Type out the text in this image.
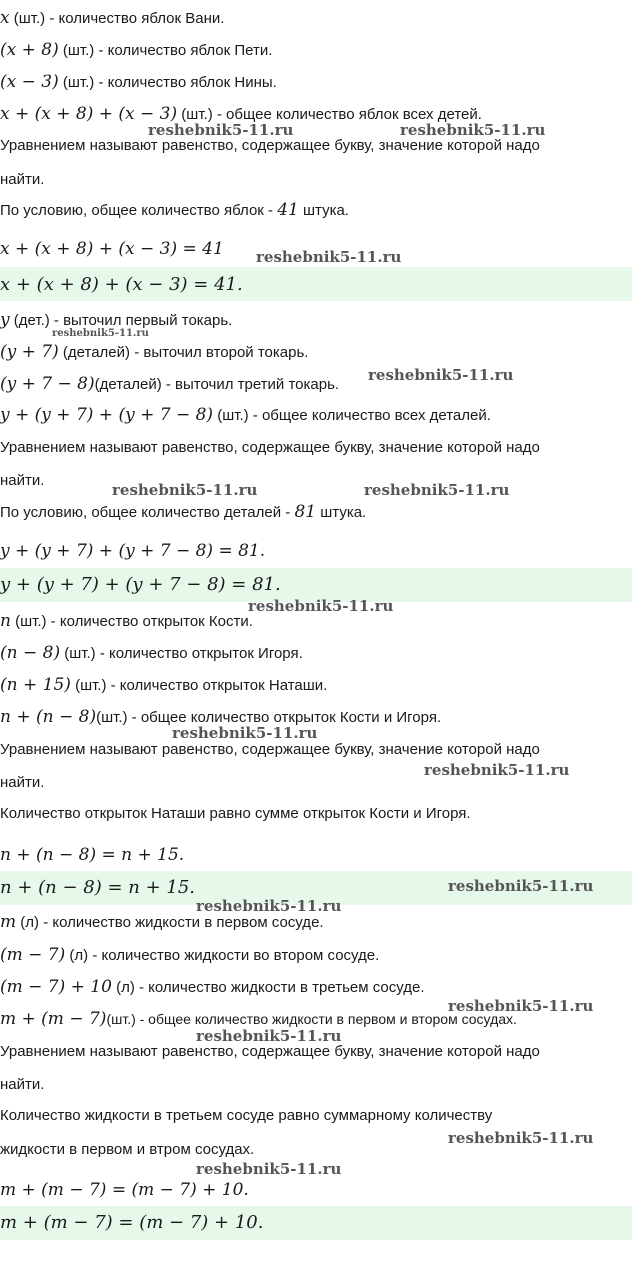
x (шт.) - количество яблок Вани.
(x + 8) (шт.) - количество яблок Пети.
(x − 3) (шт.) - количество яблок Нины.
x + (x + 8) + (x − 3) (шт.) - общее количество яблок всех детей.
Уравнением называют равенство, содержащее букву, значение которой надо
найти.
По условию, общее количество яблок - 41 штука.
x + (x + 8) + (x − 3) = 41
x + (x + 8) + (x − 3) = 41.
y (дет.) - выточил первый токарь.
(y + 7) (деталей) - выточил второй токарь.
(y + 7 − 8)(деталей) - выточил третий токарь.
y + (y + 7) + (y + 7 − 8) (шт.) - общее количество всех деталей.
Уравнением называют равенство, содержащее букву, значение которой надо
найти.
По условию, общее количество деталей - 81 штука.
y + (y + 7) + (y + 7 − 8) = 81.
y + (y + 7) + (y + 7 − 8) = 81.
n (шт.) - количество открыток Кости.
(n − 8) (шт.) - количество открыток Игоря.
(n + 15) (шт.) - количество открыток Наташи.
n + (n − 8)(шт.) - общее количество открыток Кости и Игоря.
Уравнением называют равенство, содержащее букву, значение которой надо
найти.
Количество открыток Наташи равно сумме открыток Кости и Игоря.
n + (n − 8) = n + 15.
n + (n − 8) = n + 15.
m (л) - количество жидкости в первом сосуде.
(m − 7) (л) - количество жидкости во втором сосуде.
(m − 7) + 10 (л) - количество жидкости в третьем сосуде.
m + (m − 7)(шт.) - общее количество жидкости в первом и втором сосудах.
Уравнением называют равенство, содержащее букву, значение которой надо
найти.
Количество жидкости в третьем сосуде равно суммарному количеству
жидкости в первом и втром сосудах.
m + (m − 7) = (m − 7) + 10.
m + (m − 7) = (m − 7) + 10.
reshebnik5-11.ru	reshebnik5-11.ru
reshebnik5-11.ru
reshebnik5-11.ru
reshebnik5-11.ru
reshebnik5-11.ru	reshebnik5-11.ru
reshebnik5-11.ru
reshebnik5-11.ru
reshebnik5-11.ru
reshebnik5-11.ru
reshebnik5-11.ru
reshebnik5-11.ru
reshebnik5-11.ru
reshebnik5-11.ru
reshebnik5-11.ru
